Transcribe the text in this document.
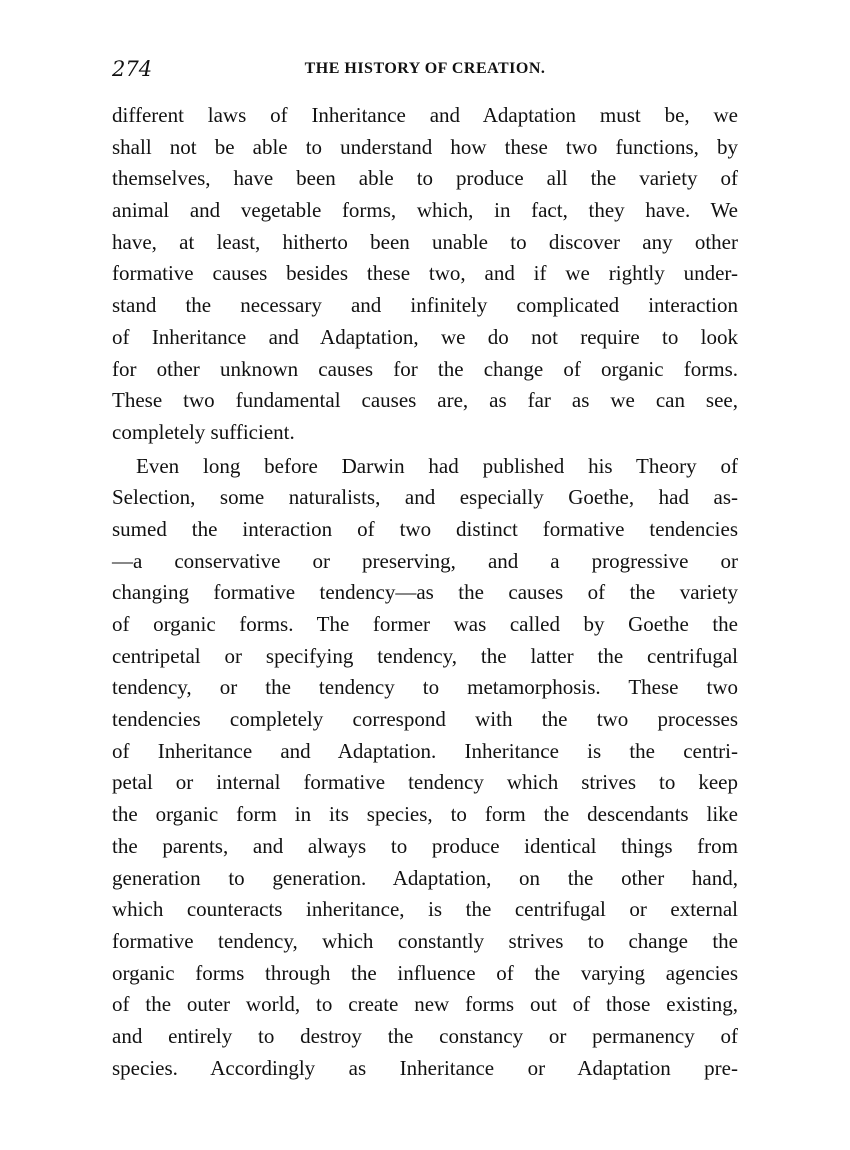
274	THE HISTORY OF CREATION.
different laws of Inheritance and Adaptation must be, we
shall not be able to understand how these two functions, by
themselves, have been able to produce all the variety of
animal and vegetable forms, which, in fact, they have. We
have, at least, hitherto been unable to discover any other
formative causes besides these two, and if we rightly under-
stand the necessary and infinitely complicated interaction
of Inheritance and Adaptation, we do not require to look
for other unknown causes for the change of organic forms.
These two fundamental causes are, as far as we can see,
completely sufficient.
Even long before Darwin had published his Theory of
Selection, some naturalists, and especially Goethe, had as-
sumed the interaction of two distinct formative tendencies
—a conservative or preserving, and a progressive or
changing formative tendency—as the causes of the variety
of organic forms. The former was called by Goethe the
centripetal or specifying tendency, the latter the centrifugal
tendency, or the tendency to metamorphosis. These two
tendencies completely correspond with the two processes
of Inheritance and Adaptation. Inheritance is the centri-
petal or internal formative tendency which strives to keep
the organic form in its species, to form the descendants like
the parents, and always to produce identical things from
generation to generation. Adaptation, on the other hand,
which counteracts inheritance, is the centrifugal or external
formative tendency, which constantly strives to change the
organic forms through the influence of the varying agencies
of the outer world, to create new forms out of those existing,
and entirely to destroy the constancy or permanency of
species. Accordingly as Inheritance or Adaptation pre-
